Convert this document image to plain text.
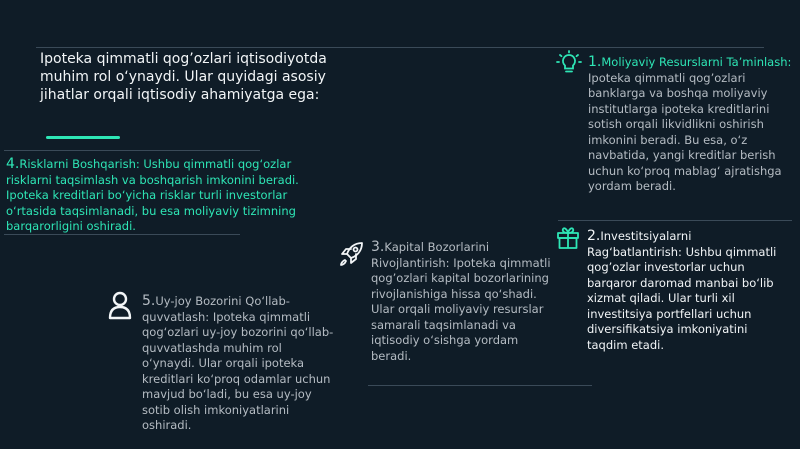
Ipoteka qimmatli qog’ozlari iqtisodiyotda muhim rol o‘ynaydi. Ular quyidagi asosiy jihatlar orqali iqtisodiy ahamiyatga ega:
1.Moliyaviy Resurslarni Ta’minlash: Ipoteka qimmatli qog’ozlari banklarga va boshqa moliyaviy institutlarga ipoteka kreditlarini sotish orqali likvidlikni oshirish imkonini beradi. Bu esa, o‘z navbatida, yangi kreditlar berish uchun ko‘proq mablag‘ ajratishga yordam beradi.
2.Investitsiyalarni Rag‘batlantirish: Ushbu qimmatli qog’ozlar investorlar uchun barqaror daromad manbai bo‘lib xizmat qiladi. Ular turli xil investitsiya portfellari uchun diversifikatsiya imkoniyatini taqdim etadi.
3.Kapital Bozorlarini Rivojlantirish: Ipoteka qimmatli qog’ozlari kapital bozorlarining rivojlanishiga hissa qo‘shadi. Ular orqali moliyaviy resurslar samarali taqsimlanadi va iqtisodiy o‘sishga yordam beradi.
4.Risklarni Boshqarish: Ushbu qimmatli qog‘ozlar risklarni taqsimlash va boshqarish imkonini beradi. Ipoteka kreditlari bo‘yicha risklar turli investorlar o‘rtasida taqsimlanadi, bu esa moliyaviy tizimning barqarorligini oshiradi.
5.Uy-joy Bozorini Qo‘llab-quvvatlash: Ipoteka qimmatli qog‘ozlari uy-joy bozorini qo‘llab-quvvatlashda muhim rol o‘ynaydi. Ular orqali ipoteka kreditlari ko‘proq odamlar uchun mavjud bo‘ladi, bu esa uy-joy sotib olish imkoniyatlarini oshiradi.
